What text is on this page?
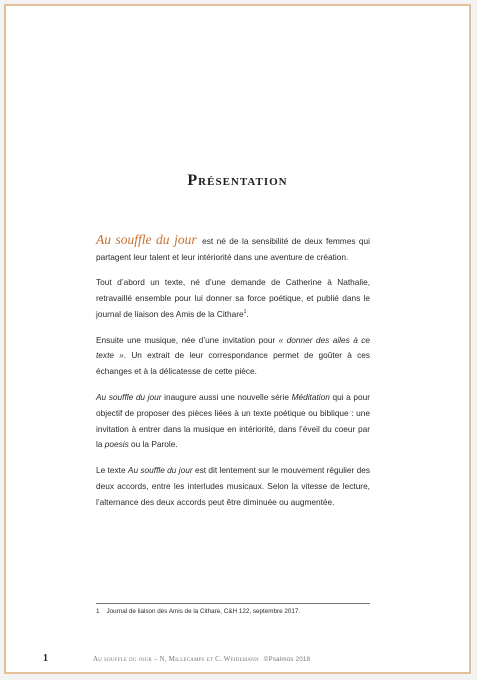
Présentation

Au souffle du jour est né de la sensibilité de deux femmes qui partagent leur talent et leur intériorité dans une aventure de création.

Tout d’abord un texte, né d’une demande de Catherine à Nathalie, retravaillé ensemble pour lui donner sa force poétique, et publié dans le journal de liaison des Amis de la Cithare$^1$.

Ensuite une musique, née d’une invitation pour « donner des ailes à ce texte ». Un extrait de leur correspondance permet de goûter à ces échanges et à la délicatesse de cette pièce.

Au souffle du jour inaugure aussi une nouvelle série Méditation qui a pour objectif de proposer des pièces liées à un texte poétique ou biblique : une invitation à entrer dans la musique en intériorité, dans l’éveil du coeur par la poesis ou la Parole.

Le texte Au souffle du jour est dit lentement sur le mouvement régulier des deux accords, entre les interludes musicaux. Selon la vitesse de lecture, l’alternance des deux accords peut être diminuée ou augmentée.

1 Journal de liaison des Amis de la Cithare, C&H 122, septembre 2017.
1	Au souffle du jour – N. Millecamps et C. Weidemann ©Psalmos 2018
